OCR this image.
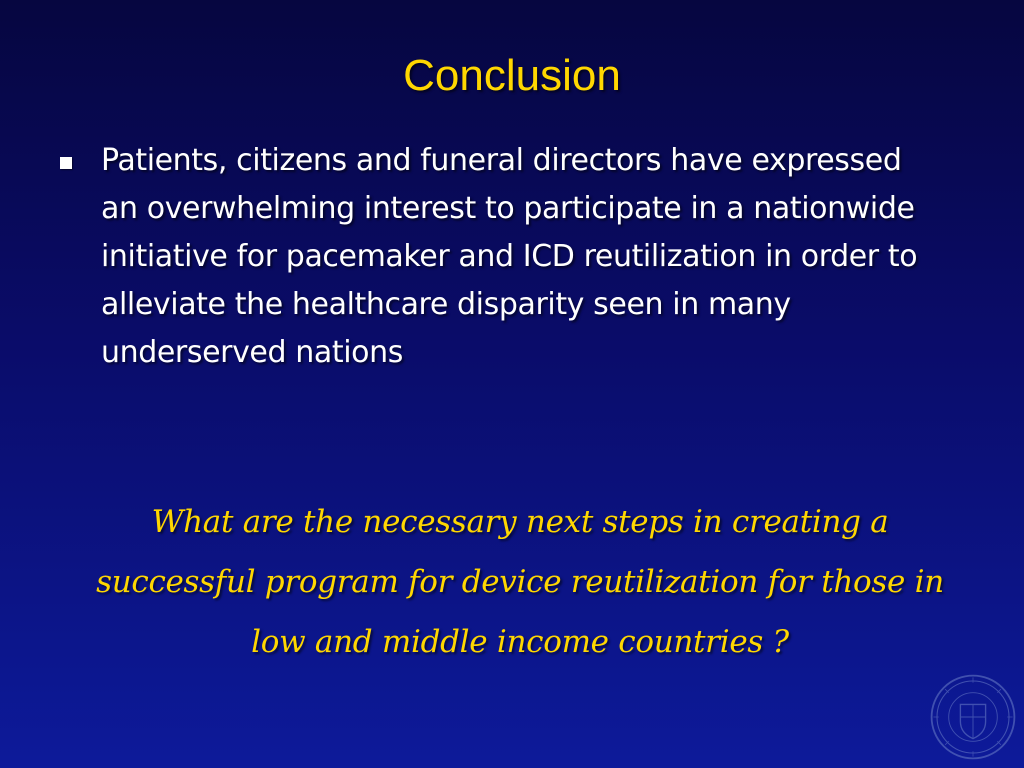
Conclusion
Patients, citizens and funeral directors have expressed an overwhelming interest to participate in a nationwide initiative for pacemaker and ICD reutilization in order to alleviate the healthcare disparity seen in many underserved nations
What are the necessary next steps in creating a successful program for device reutilization for those in low and middle income countries ?
